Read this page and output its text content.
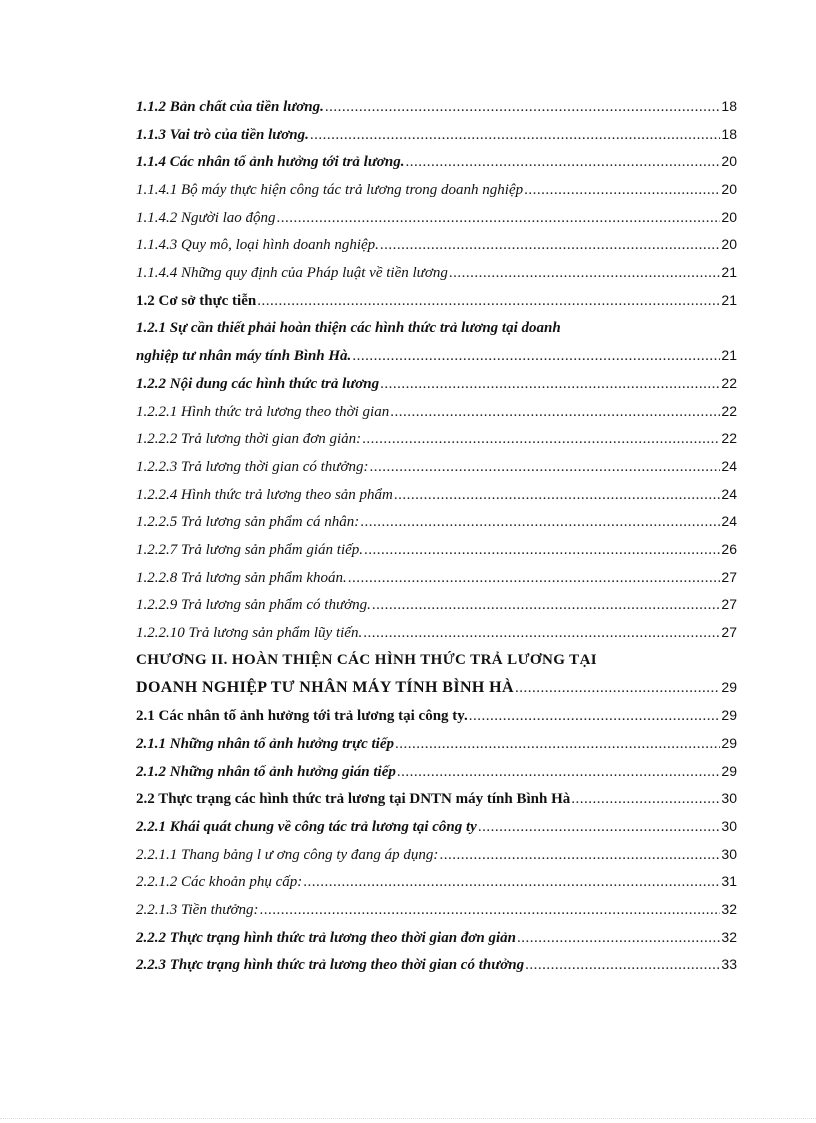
1.1.2 Bản chất của tiền lương. .....	18
1.1.3 Vai trò của tiền lương. .....	18
1.1.4 Các nhân tố ảnh hưởng tới trả lương. .....	20
1.1.4.1 Bộ máy thực hiện công tác trả lương trong doanh nghiệp .....	20
1.1.4.2 Người lao động .....	20
1.1.4.3 Quy mô, loại hình doanh nghiệp. .....	20
1.1.4.4 Những quy định của Pháp luật về tiền lương .....	21
1.2 Cơ sở thực tiễn .....	21
1.2.1 Sự cần thiết phải hoàn thiện các hình thức trả lương tại doanh
nghiệp tư nhân máy tính Bình Hà. .....	21
1.2.2 Nội dung các hình thức trả lương .....	22
1.2.2.1 Hình thức trả lương theo thời gian .....	22
1.2.2.2 Trả lương thời gian đơn giản: .....	22
1.2.2.3 Trả lương thời gian có thưởng: .....	24
1.2.2.4 Hình thức trả lương theo sản phẩm .....	24
1.2.2.5 Trả lương sản phẩm cá nhân: .....	24
1.2.2.7 Trả lương sản phẩm gián tiếp. .....	26
1.2.2.8 Trả lương sản phẩm khoán. .....	27
1.2.2.9 Trả lương sản phẩm có thưởng. .....	27
1.2.2.10 Trả lương sản phẩm lũy tiến. .....	27
CHƯƠNG II. HOÀN THIỆN CÁC HÌNH THỨC TRẢ LƯƠNG TẠI
DOANH NGHIỆP TƯ NHÂN MÁY TÍNH BÌNH HÀ .....	29
2.1 Các nhân tố ảnh hưởng tới trả lương tại công ty. .....	29
2.1.1 Những nhân tố ảnh hưởng trực tiếp .....	29
2.1.2 Những nhân tố ảnh hưởng gián tiếp .....	29
2.2 Thực trạng các hình thức trả lương tại DNTN máy tính Bình Hà .....	30
2.2.1 Khái quát chung về công tác trả lương tại công ty .....	30
2.2.1.1 Thang bảng l ư ơng công ty đang áp dụng: .....	30
2.2.1.2 Các khoản phụ cấp: .....	31
2.2.1.3 Tiền thưởng: .....	32
2.2.2 Thực trạng hình thức trả lương theo thời gian đơn giản .....	32
2.2.3 Thực trạng hình thức trả lương theo thời gian có thưởng .....	33
